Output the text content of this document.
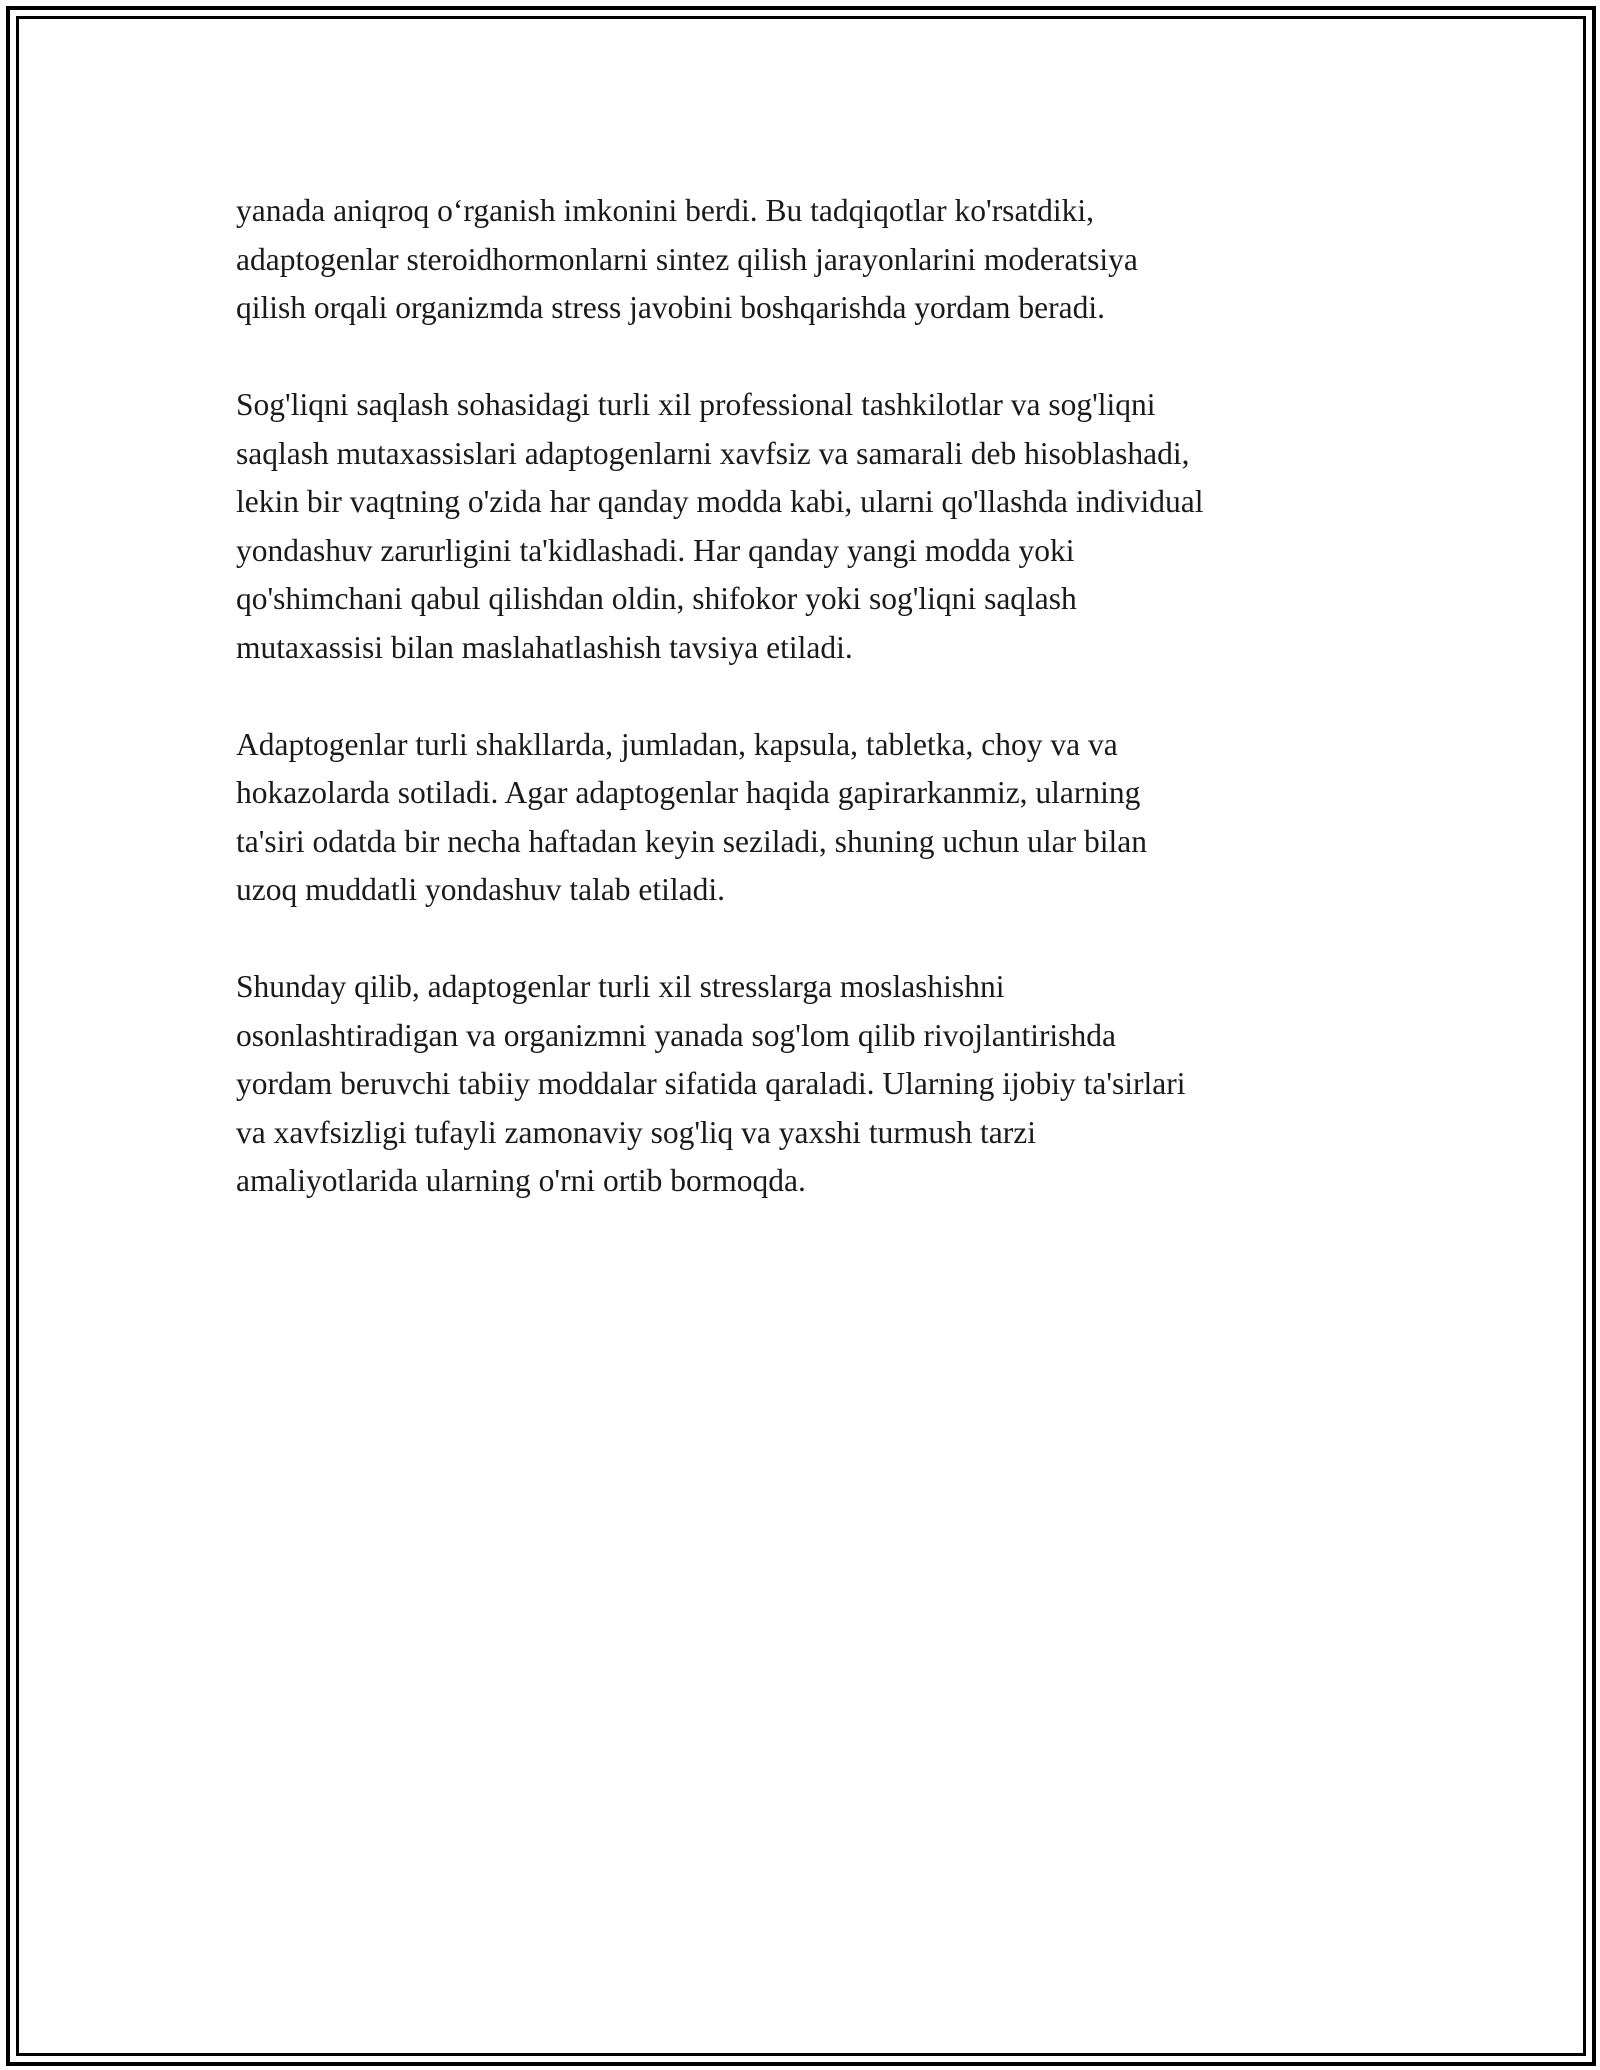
yanada aniqroq o‘rganish imkonini berdi. Bu tadqiqotlar ko'rsatdiki,
adaptogenlar steroidhormonlarni sintez qilish jarayonlarini moderatsiya
qilish orqali organizmda stress javobini boshqarishda yordam beradi.

Sog'liqni saqlash sohasidagi turli xil professional tashkilotlar va sog'liqni
saqlash mutaxassislari adaptogenlarni xavfsiz va samarali deb hisoblashadi,
lekin bir vaqtning o'zida har qanday modda kabi, ularni qo'llashda individual
yondashuv zarurligini ta'kidlashadi. Har qanday yangi modda yoki
qo'shimchani qabul qilishdan oldin, shifokor yoki sog'liqni saqlash
mutaxassisi bilan maslahatlashish tavsiya etiladi.

Adaptogenlar turli shakllarda, jumladan, kapsula, tabletka, choy va va
hokazolarda sotiladi. Agar adaptogenlar haqida gapirarkanmiz, ularning
ta'siri odatda bir necha haftadan keyin seziladi, shuning uchun ular bilan
uzoq muddatli yondashuv talab etiladi.

Shunday qilib, adaptogenlar turli xil stresslarga moslashishni
osonlashtiradigan va organizmni yanada sog'lom qilib rivojlantirishda
yordam beruvchi tabiiy moddalar sifatida qaraladi. Ularning ijobiy ta'sirlari
va xavfsizligi tufayli zamonaviy sog'liq va yaxshi turmush tarzi
amaliyotlarida ularning o'rni ortib bormoqda.
